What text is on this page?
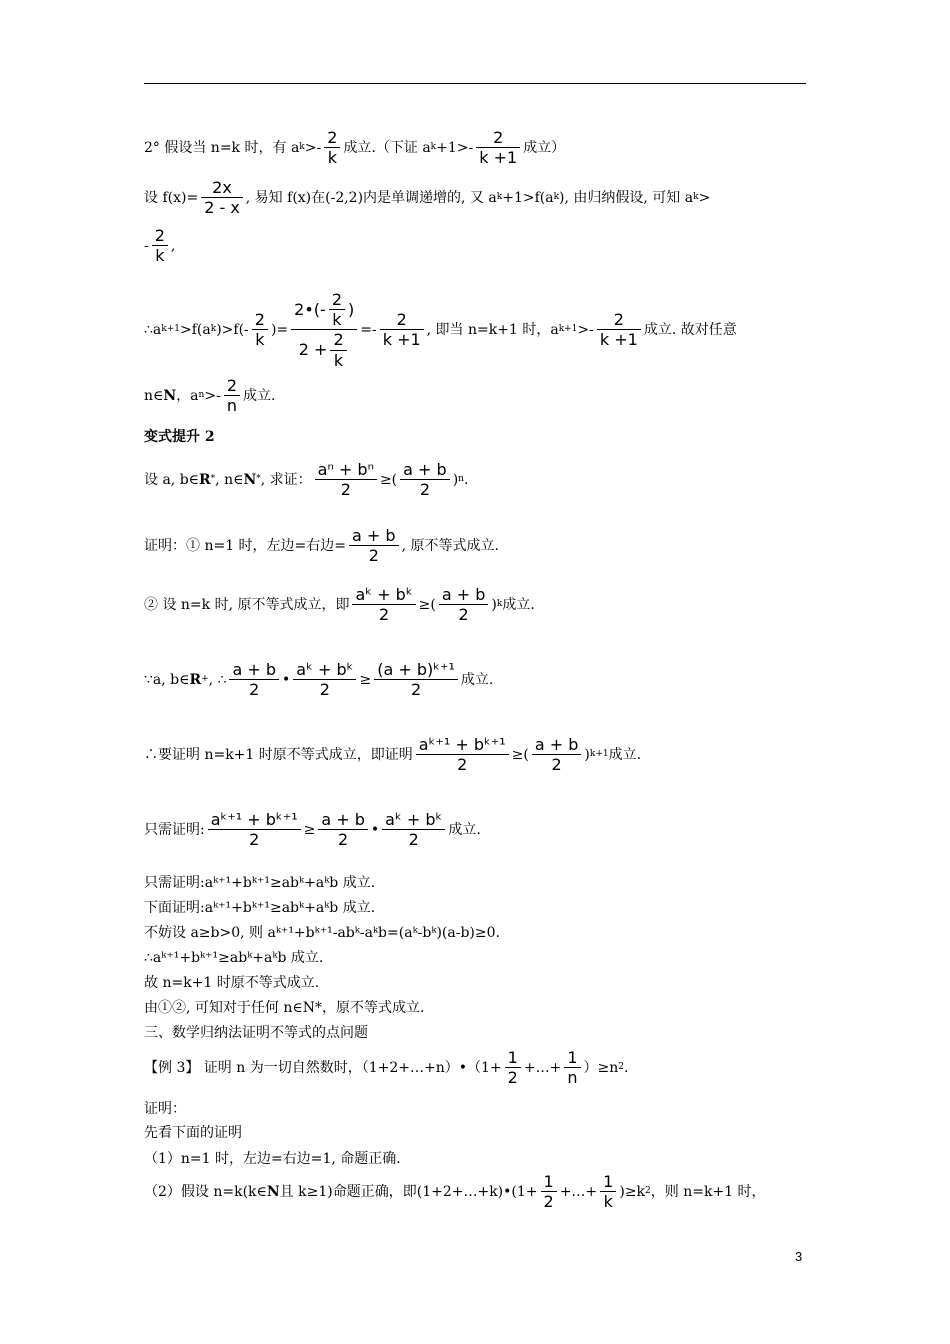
2° 假设当 n=k 时，有 a $k >- \frac{2}{k}$ 成立.（下证 a $k +1>- \frac{2}{k +1}$ 成立）
设 $f(x)= \frac{2x}{2 - x}$ , 易知 f(x)在(-2,2)内是单调递增的, 又 a k +1>f(a k ), 由归纳假设, 可知 a k >
- $\frac{2}{k}$ ,
∴a k+1 >f(a k )$>f(- \frac{2}{k}$ )= $\frac{2•(- \frac{2}{k} )}{2 + \frac{2}{k}} =- \frac{2}{k +1}$ , 即当 n=k+1 时， a $k+1 >- \frac{2}{k +1}$ 成立. 故对任意
n∈ N ，a $n >- \frac{2}{n}$ 成立.
变式提升 2
设 a, b∈ R * , n∈ N * , 求证： $\frac{\text{aⁿ + bⁿ}}{2}$ ≥( $\frac{a + b}{2}$ ) n .
证明：① n=1 时，左边=右边= $\frac{a + b}{2}$ , 原不等式成立.
② 设 n=k 时, 原不等式成立，即 $\frac{\text{aᵏ + bᵏ}}{2}$ ≥( $\frac{a + b}{2}$ ) k 成立.
∵a, b∈ R + , ∴ $\frac{a + b}{2}$ • $\frac{\text{aᵏ + bᵏ}}{2} \ge \frac{\text{(a + b)ᵏ⁺¹}}{2}$ 成立.
∴要证明 n=k+1 时原不等式成立，即证明 $\frac{\text{aᵏ⁺¹ + bᵏ⁺¹}}{2}$ ≥( $\frac{a + b}{2}$ ) k+1 成立.
只需证明: $\frac{\text{aᵏ⁺¹ + bᵏ⁺¹}}{2} \ge \frac{a + b}{2}$ • $\frac{\text{aᵏ + bᵏ}}{2}$ 成立.
只需证明:aᵏ⁺¹+bᵏ⁺¹≥abᵏ+aᵏb 成立.
下面证明:aᵏ⁺¹+bᵏ⁺¹≥abᵏ+aᵏb 成立.
不妨设 a≥b>0, 则 aᵏ⁺¹+bᵏ⁺¹-abᵏ-aᵏb=(aᵏ-bᵏ)(a-b)≥0.
∴aᵏ⁺¹+bᵏ⁺¹≥abᵏ+aᵏb 成立.
故 n=k+1 时原不等式成立.
由①②, 可知对于任何 n∈N*，原不等式成立.
三、数学归纳法证明不等式的点问题
【例 3】 证明 n 为一切自然数时，（1+2+…+n）•（1+ $\frac{1}{2}$ +…+ $\frac{1}{n} )\ge n$ 2 .
证明：
先看下面的证明
（1）n=1 时，左边=右边=1, 命题正确.
（2）假设 n=k(k∈ N 且 k≥1)命题正确，即(1+2+…+k)•(1+ $\frac{1}{2}$ +…+ $\frac{1}{k} )\ge k$ 2 ，则 n=k+1 时，
3
